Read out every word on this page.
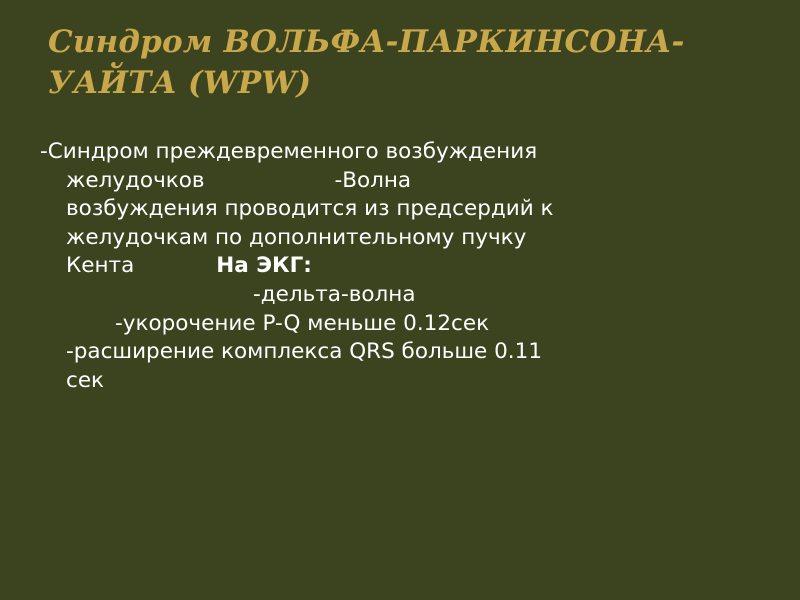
Синдром ВОЛЬФА-ПАРКИНСОНА-УАЙТА (WPW)
-Синдром преждевременного возбуждения
желудочков                   -Волна
возбуждения проводится из предсердий к
желудочкам по дополнительному пучку
Кента            На ЭКГ:
-дельта-волна
-укорочение P-Q меньше 0.12сек
-расширение комплекса QRS больше 0.11
сек
